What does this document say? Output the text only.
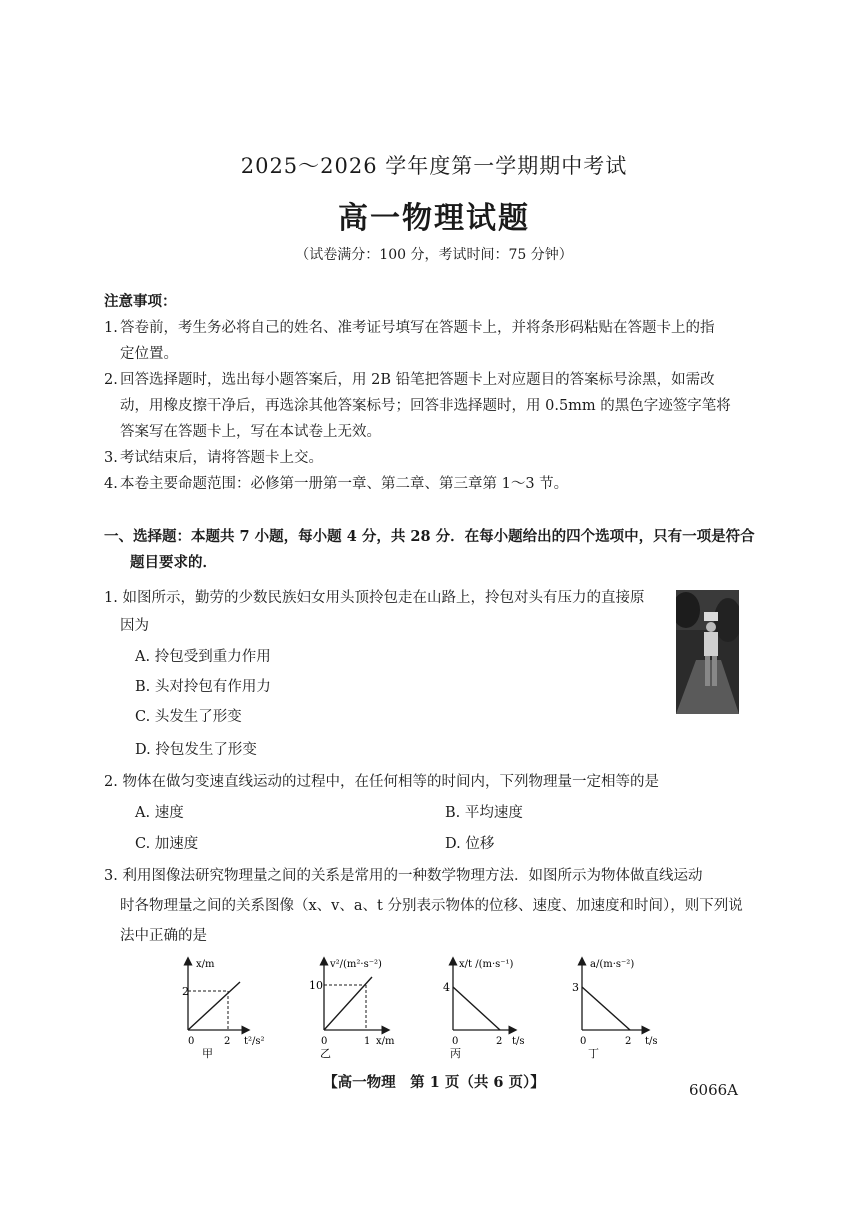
2025～2026 学年度第一学期期中考试
高一物理试题
（试卷满分：100 分，考试时间：75 分钟）
注意事项：
1. 答卷前，考生务必将自己的姓名、准考证号填写在答题卡上，并将条形码粘贴在答题卡上的指
定位置。
2. 回答选择题时，选出每小题答案后，用 2B 铅笔把答题卡上对应题目的答案标号涂黑，如需改
动，用橡皮擦干净后，再选涂其他答案标号；回答非选择题时，用 0.5mm 的黑色字迹签字笔将
答案写在答题卡上，写在本试卷上无效。
3. 考试结束后，请将答题卡上交。
4. 本卷主要命题范围：必修第一册第一章、第二章、第三章第 1～3 节。
一、选择题：本题共 7 小题，每小题 4 分，共 28 分．在每小题给出的四个选项中，只有一项是符合
题目要求的．
1. 如图所示，勤劳的少数民族妇女用头顶拎包走在山路上，拎包对头有压力的直接原
因为
A. 拎包受到重力作用
B. 头对拎包有作用力
C. 头发生了形变
D. 拎包发生了形变
2. 物体在做匀变速直线运动的过程中，在任何相等的时间内，下列物理量一定相等的是
A. 速度	B. 平均速度
C. 加速度	D. 位移
3. 利用图像法研究物理量之间的关系是常用的一种数学物理方法．如图所示为物体做直线运动
时各物理量之间的关系图像（x、v、a、t 分别表示物体的位移、速度、加速度和时间），则下列说
法中正确的是
x/m
2
0	2 t²/s²
甲
v²/(m²·s⁻²)
10
0	1 x/m
乙
x/t /(m·s⁻¹)
4
0	2 t/s
丙
a/(m·s⁻²)
3
0	2 t/s
丁
【高一物理　第 1 页（共 6 页）】	6066A
